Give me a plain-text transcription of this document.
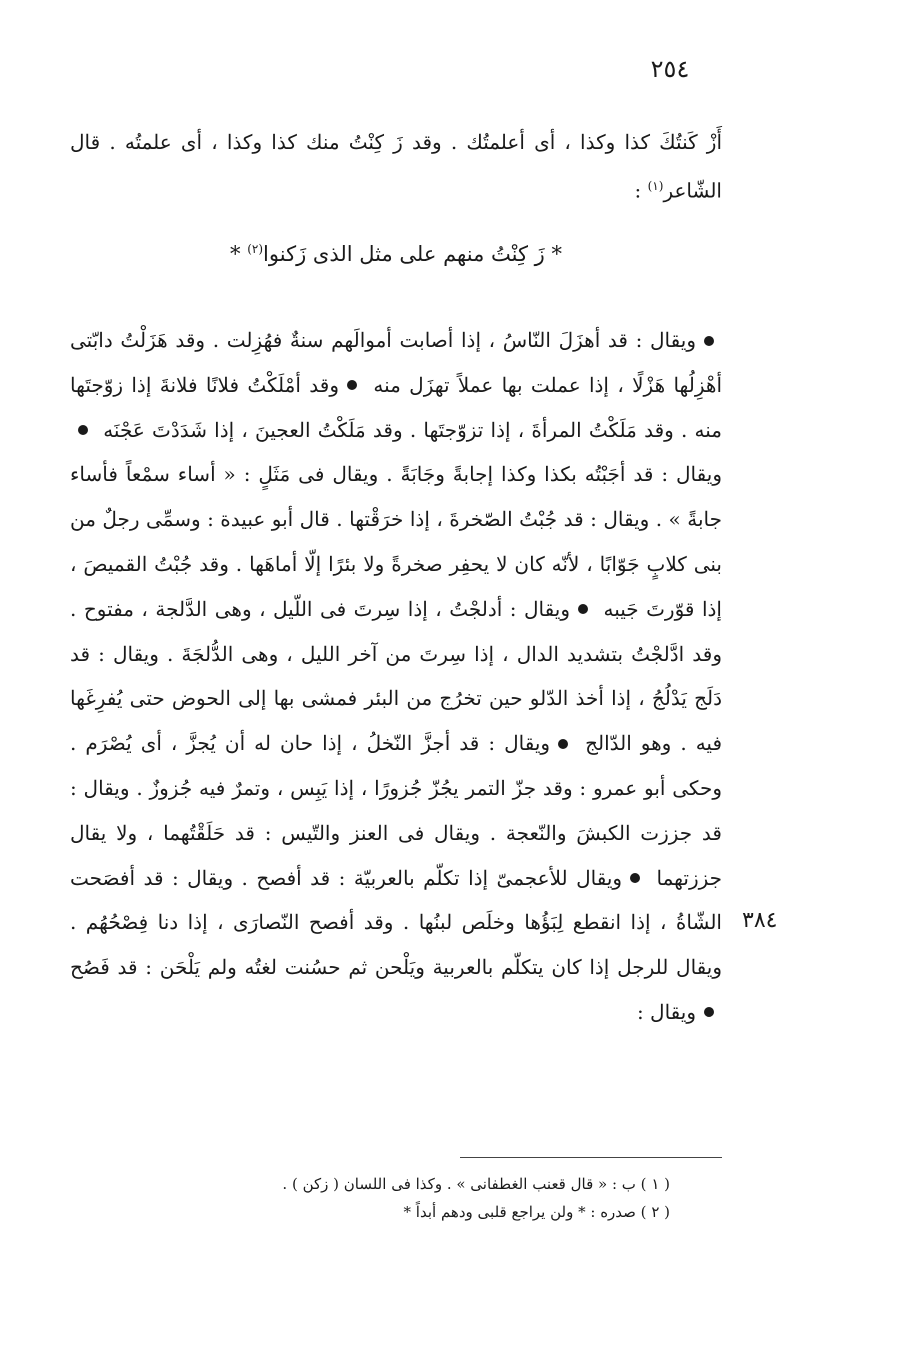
٢٥٤
أَزْ كَنتُكَ كذا وكذا ، أى أعلمتُك . وقد زَ كِنْتُ منك كذا وكذا ، أى علمتُه . قال الشّاعر$^{(١)}$ :
* زَ كِنْتُ منهم على مثل الذى زَكنوا$^{(٢)}$ *

ويقال : قد أهزَلَ النّاسُ ، إذا أصابت أموالَهم سنةٌ فهُزِلت . وقد هَزَلْتُ دابّتى أهْزِلُها هَزْلًا ، إذا عملت بها عملاً تهزَل منه وقد أمْلَكْتُ فلانًا فلانةَ إذا زوّجتَها منه . وقد مَلَكْتُ المرأةَ ، إذا تزوّجتَها . وقد مَلَكْتُ العجينَ ، إذا شَدَدْتَ عَجْنَه ويقال : قد أجَبْتُه بكذا وكذا إجابةً وجَابَةً . ويقال فى مَثَلٍ : « أساء سمْعاً فأساء جابةً » . ويقال : قد جُبْتُ الصّخرةَ ، إذا خرَقْتها . قال أبو عبيدة : وسمِّى رجلٌ من بنى كلابٍ جَوّابًا ، لأنّه كان لا يحفِر صخرةً ولا بئرًا إلّا أماهَها . وقد جُبْتُ القميصَ ، إذا قوّرتَ جَيبه ويقال : أدلجْتُ ، إذا سِرتَ فى اللّيل ، وهى الدَّلجة ، مفتوح . وقد ادَّلجْتُ بتشديد الدال ، إذا سِرتَ من آخر الليل ، وهى الدُّلجَةَ . ويقال : قد دَلَج يَدْلُجُ ، إذا أخذ الدّلو حين تخرُج من البئر فمشى بها إلى الحوض حتى يُفرِغَها فيه . وهو الدّالج ويقال : قد أجزَّ النّخلُ ، إذا حان له أن يُجزَّ ، أى يُصْرَم . وحكى أبو عمرو : وقد جزّ التمر يجُزّ جُزورًا ، إذا يَبِس ، وتمرٌ فيه جُزوزٌ . ويقال : قد جززت الكبشَ والنّعجة . ويقال فى العنز والتّيس : قد حَلَقْتُهما ، ولا يقال جززتهما ويقال للأعجمىّ إذا تكلّم بالعربيّة : قد أفصح . ويقال : قد أفصَحت الشّاةُ ، إذا انقطع لِبَؤُها وخلَص لبنُها . وقد أفصح النّصارَى ، إذا دنا فِصْحُهُم . ويقال للرجل إذا كان يتكلّم بالعربية ويَلْحن ثم حسُنت لغتُه ولم يَلْحَن : قد فَصُح ويقال :

٣٨٤

( ١ ) ب : « قال قعنب الغطفانى » . وكذا فى اللسان ( زكن ) .

( ٢ ) صدره : * ولن يراجع قلبى ودهم أبداً *
